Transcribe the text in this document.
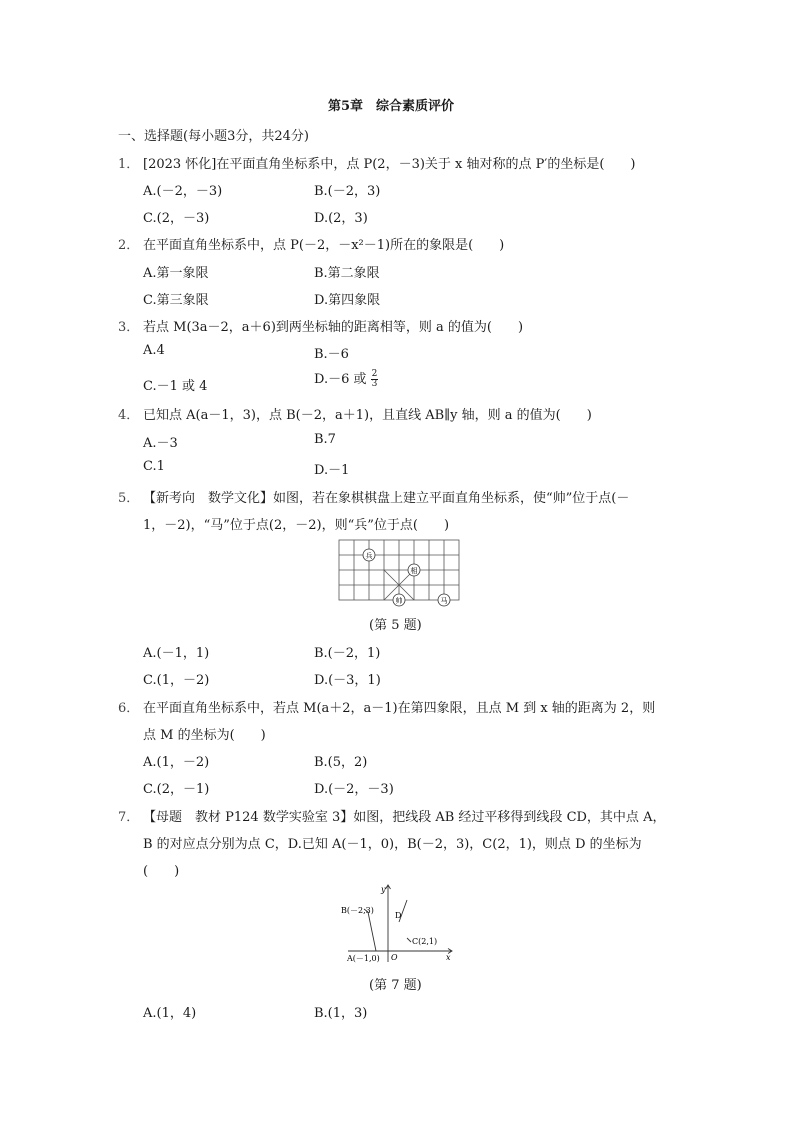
第5章　综合素质评价
一、选择题(每小题3分，共24分)
1． [2023 怀化]在平面直角坐标系中，点 P(2，－3)关于 x 轴对称的点 P′的坐标是(　　)
A.(－2，－3)	B.(－2，3)
C.(2，－3)	D.(2，3)
2． 在平面直角坐标系中，点 P(－2，－x²－1)所在的象限是(　　)
A.第一象限	B.第二象限
C.第三象限	D.第四象限
3． 若点 M(3a－2，a＋6)到两坐标轴的距离相等，则 a 的值为(　　)
A.4	B.－6
C.－1 或 4	D.－6 或 $\frac{2}{3}$
4． 已知点 A(a－1，3)，点 B(－2，a＋1)，且直线 AB∥y 轴，则 a 的值为(　　)
A.－3	B.7
C.1	D.－1
5． 【新考向　数学文化】如图，若在象棋棋盘上建立平面直角坐标系，使“帅”位于点(－
1，－2)，“马”位于点(2，－2)，则“兵”位于点(　　)
兵
相
帅	马
(第 5 题)
A.(－1，1)	B.(－2，1)
C.(1，－2)	D.(－3，1)
6． 在平面直角坐标系中，若点 M(a＋2，a－1)在第四象限，且点 M 到 x 轴的距离为 2，则
点 M 的坐标为(　　)
A.(1，－2)	B.(5，2)
C.(2，－1)	D.(－2，－3)
7． 【母题　教材 P124 数学实验室 3】如图，把线段 AB 经过平移得到线段 CD，其中点 A，
B 的对应点分别为点 C，D.已知 A(－1，0)，B(－2，3)，C(2，1)，则点 D 的坐标为
(　　)
y
x
O
B(－2,3)
A(－1,0)
D
C(2,1)
(第 7 题)
A.(1，4)	B.(1，3)
